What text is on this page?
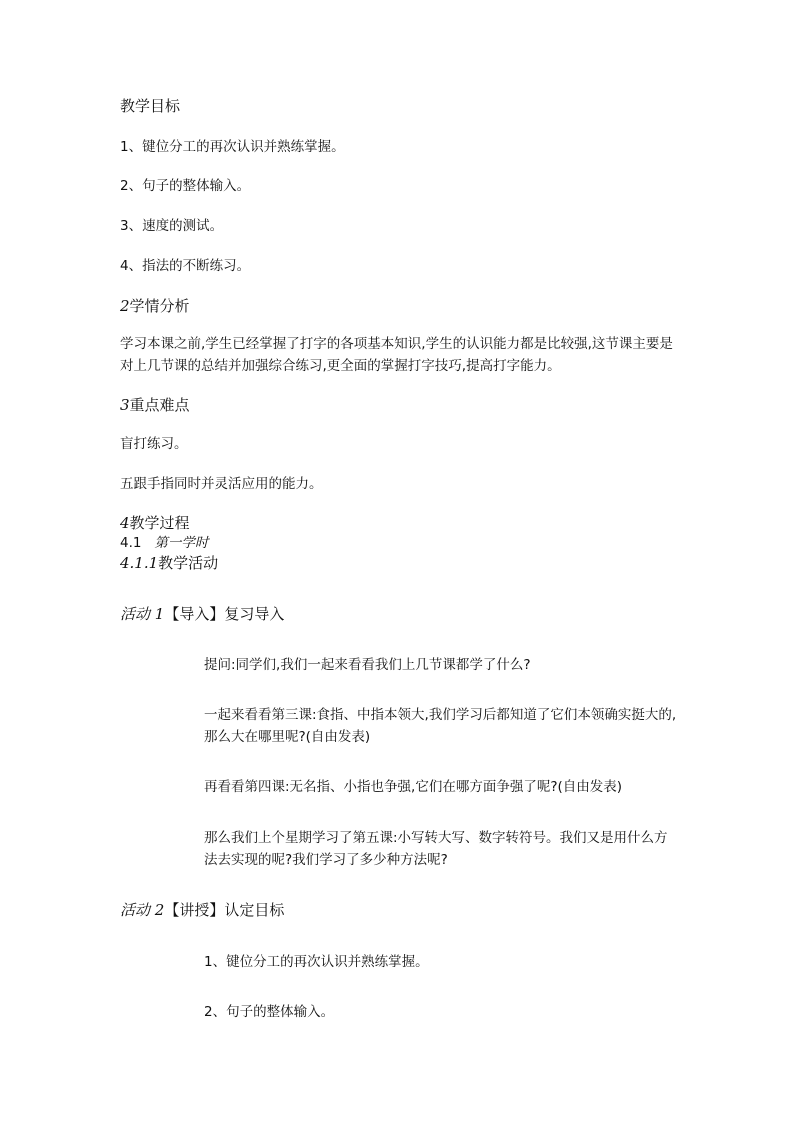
教学目标
1、键位分工的再次认识并熟练掌握。
2、句子的整体输入。
3、速度的测试。
4、指法的不断练习。
2学情分析
学习本课之前,学生已经掌握了打字的各项基本知识,学生的认识能力都是比较强,这节课主要是对上几节课的总结并加强综合练习,更全面的掌握打字技巧,提高打字能力。
3重点难点
盲打练习。
五跟手指同时并灵活应用的能力。
4教学过程
4.1 第一学时
4.1.1教学活动
活动 1【导入】复习导入
提问:同学们,我们一起来看看我们上几节课都学了什么?
一起来看看第三课:食指、中指本领大,我们学习后都知道了它们本领确实挺大的,那么大在哪里呢?(自由发表)
再看看第四课:无名指、小指也争强,它们在哪方面争强了呢?(自由发表)
那么我们上个星期学习了第五课:小写转大写、数字转符号。我们又是用什么方法去实现的呢?我们学习了多少种方法呢?
活动 2【讲授】认定目标
1、键位分工的再次认识并熟练掌握。
2、句子的整体输入。
